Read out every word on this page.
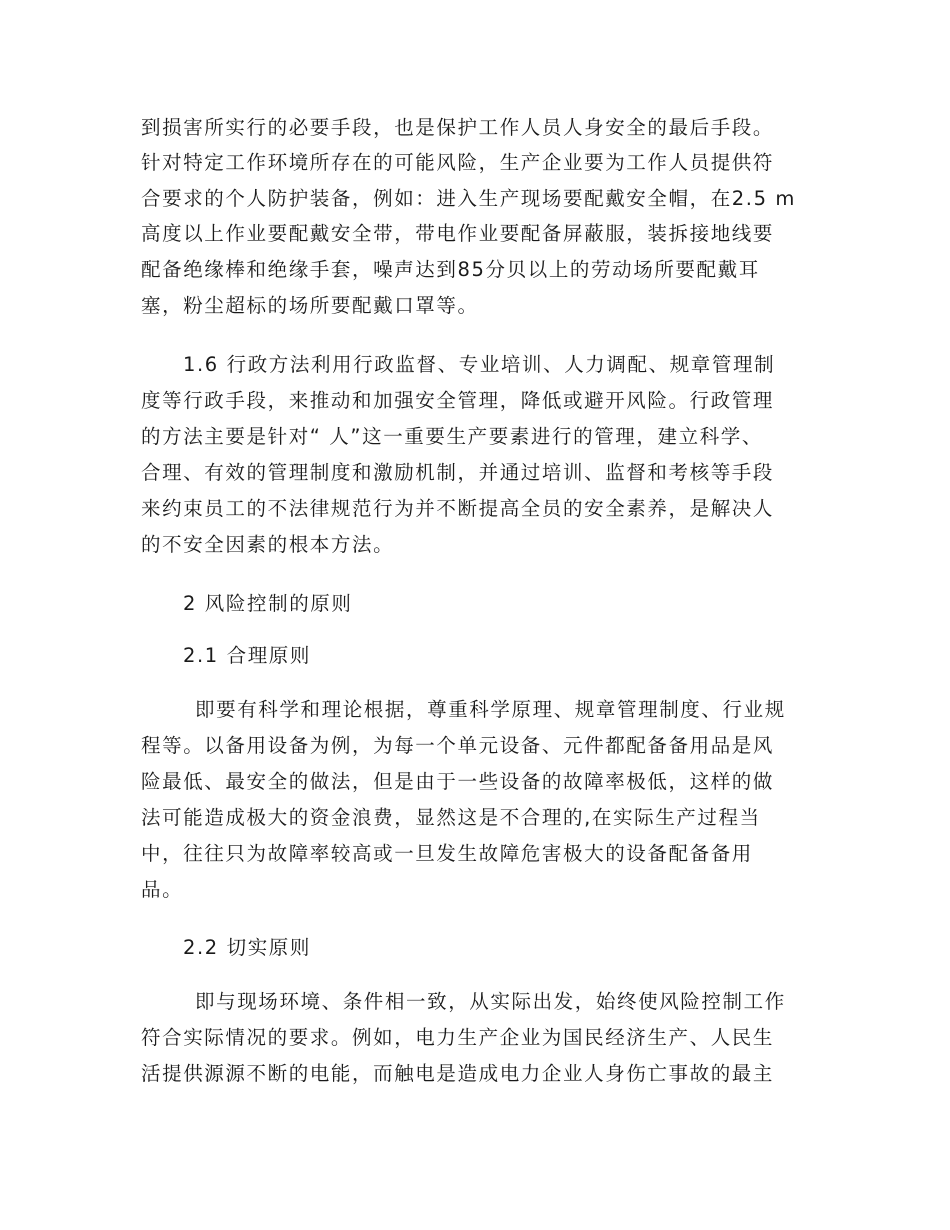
到损害所实行的必要手段，也是保护工作人员人身安全的最后手段。
针对特定工作环境所存在的可能风险，生产企业要为工作人员提供符
合要求的个人防护装备，例如：进入生产现场要配戴安全帽，在2.5 m
高度以上作业要配戴安全带，带电作业要配备屏蔽服，装拆接地线要
配备绝缘棒和绝缘手套，噪声达到85分贝以上的劳动场所要配戴耳
塞，粉尘超标的场所要配戴口罩等。
1.6 行政方法利用行政监督、专业培训、人力调配、规章管理制
度等行政手段，来推动和加强安全管理，降低或避开风险。行政管理
的方法主要是针对“ 人”这一重要生产要素进行的管理，建立科学、
合理、有效的管理制度和激励机制，并通过培训、监督和考核等手段
来约束员工的不法律规范行为并不断提高全员的安全素养，是解决人
的不安全因素的根本方法。
2 风险控制的原则
2.1 合理原则
即要有科学和理论根据，尊重科学原理、规章管理制度、行业规
程等。以备用设备为例，为每一个单元设备、元件都配备备用品是风
险最低、最安全的做法，但是由于一些设备的故障率极低，这样的做
法可能造成极大的资金浪费，显然这是不合理的,在实际生产过程当
中，往往只为故障率较高或一旦发生故障危害极大的设备配备备用
品。
2.2 切实原则
即与现场环境、条件相一致，从实际出发，始终使风险控制工作
符合实际情况的要求。例如，电力生产企业为国民经济生产、人民生
活提供源源不断的电能，而触电是造成电力企业人身伤亡事故的最主
